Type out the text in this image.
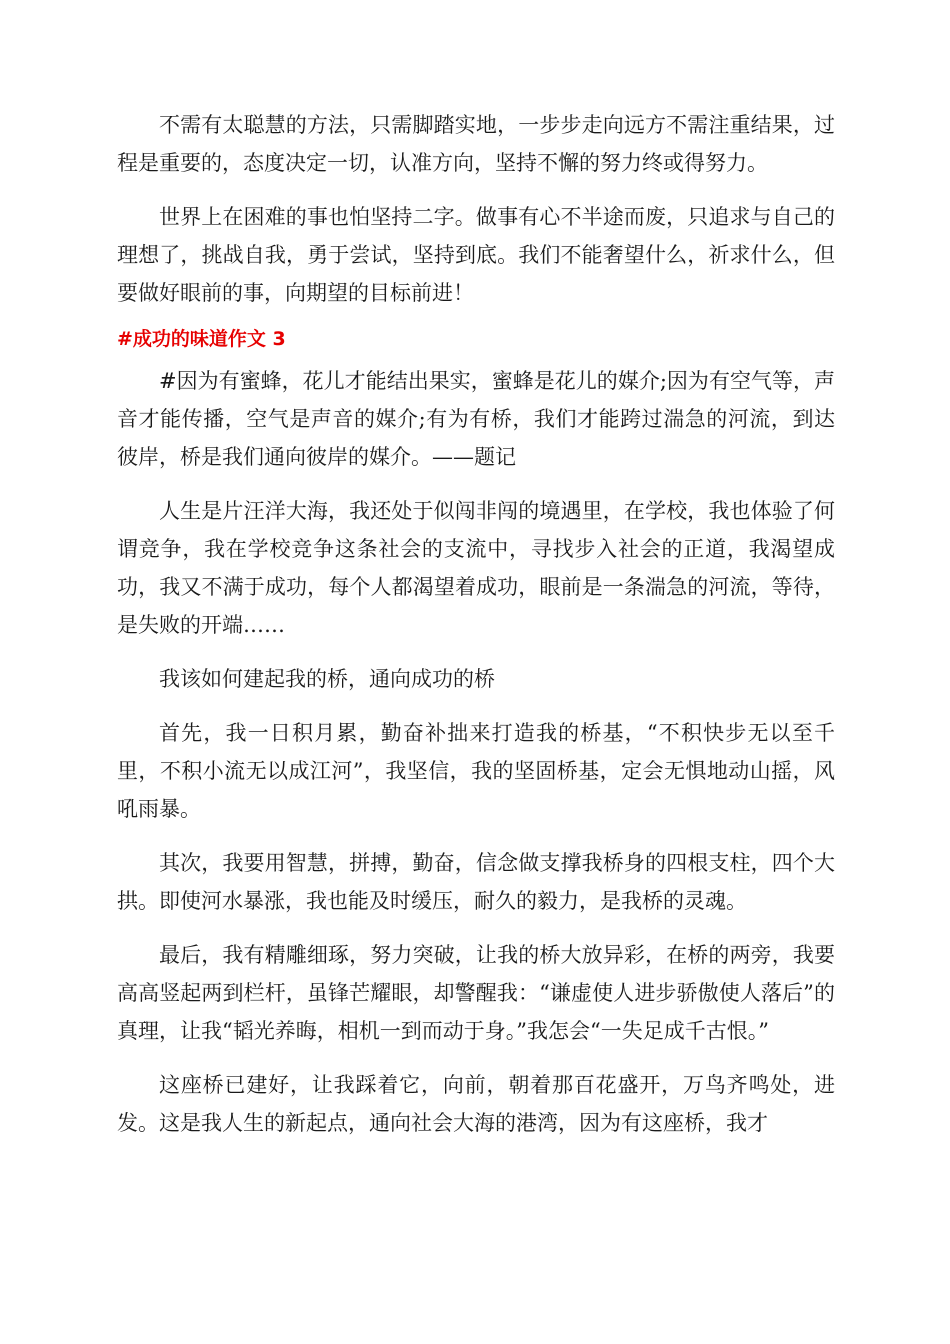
不需有太聪慧的方法，只需脚踏实地，一步步走向远方不需注重结果，过程是重要的，态度决定一切，认准方向，坚持不懈的努力终或得努力。

世界上在困难的事也怕坚持二字。做事有心不半途而废，只追求与自己的理想了，挑战自我，勇于尝试，坚持到底。我们不能奢望什么，祈求什么，但要做好眼前的事，向期望的目标前进！

#成功的味道作文 3

#因为有蜜蜂，花儿才能结出果实，蜜蜂是花儿的媒介;因为有空气等，声音才能传播，空气是声音的媒介;有为有桥，我们才能跨过湍急的河流，到达彼岸，桥是我们通向彼岸的媒介。——题记

人生是片汪洋大海，我还处于似闯非闯的境遇里，在学校，我也体验了何谓竞争，我在学校竞争这条社会的支流中，寻找步入社会的正道，我渴望成功，我又不满于成功，每个人都渴望着成功，眼前是一条湍急的河流，等待，是失败的开端……

我该如何建起我的桥，通向成功的桥

首先，我一日积月累，勤奋补拙来打造我的桥基，“不积快步无以至千里，不积小流无以成江河”，我坚信，我的坚固桥基，定会无惧地动山摇，风吼雨暴。

其次，我要用智慧，拼搏，勤奋，信念做支撑我桥身的四根支柱，四个大拱。即使河水暴涨，我也能及时缓压，耐久的毅力，是我桥的灵魂。

最后，我有精雕细琢，努力突破，让我的桥大放异彩，在桥的两旁，我要高高竖起两到栏杆，虽锋芒耀眼，却警醒我：“谦虚使人进步骄傲使人落后”的真理，让我“韬光养晦，相机一到而动于身。”我怎会“一失足成千古恨。”

这座桥已建好，让我踩着它，向前，朝着那百花盛开，万鸟齐鸣处，进发。这是我人生的新起点，通向社会大海的港湾，因为有这座桥，我才
